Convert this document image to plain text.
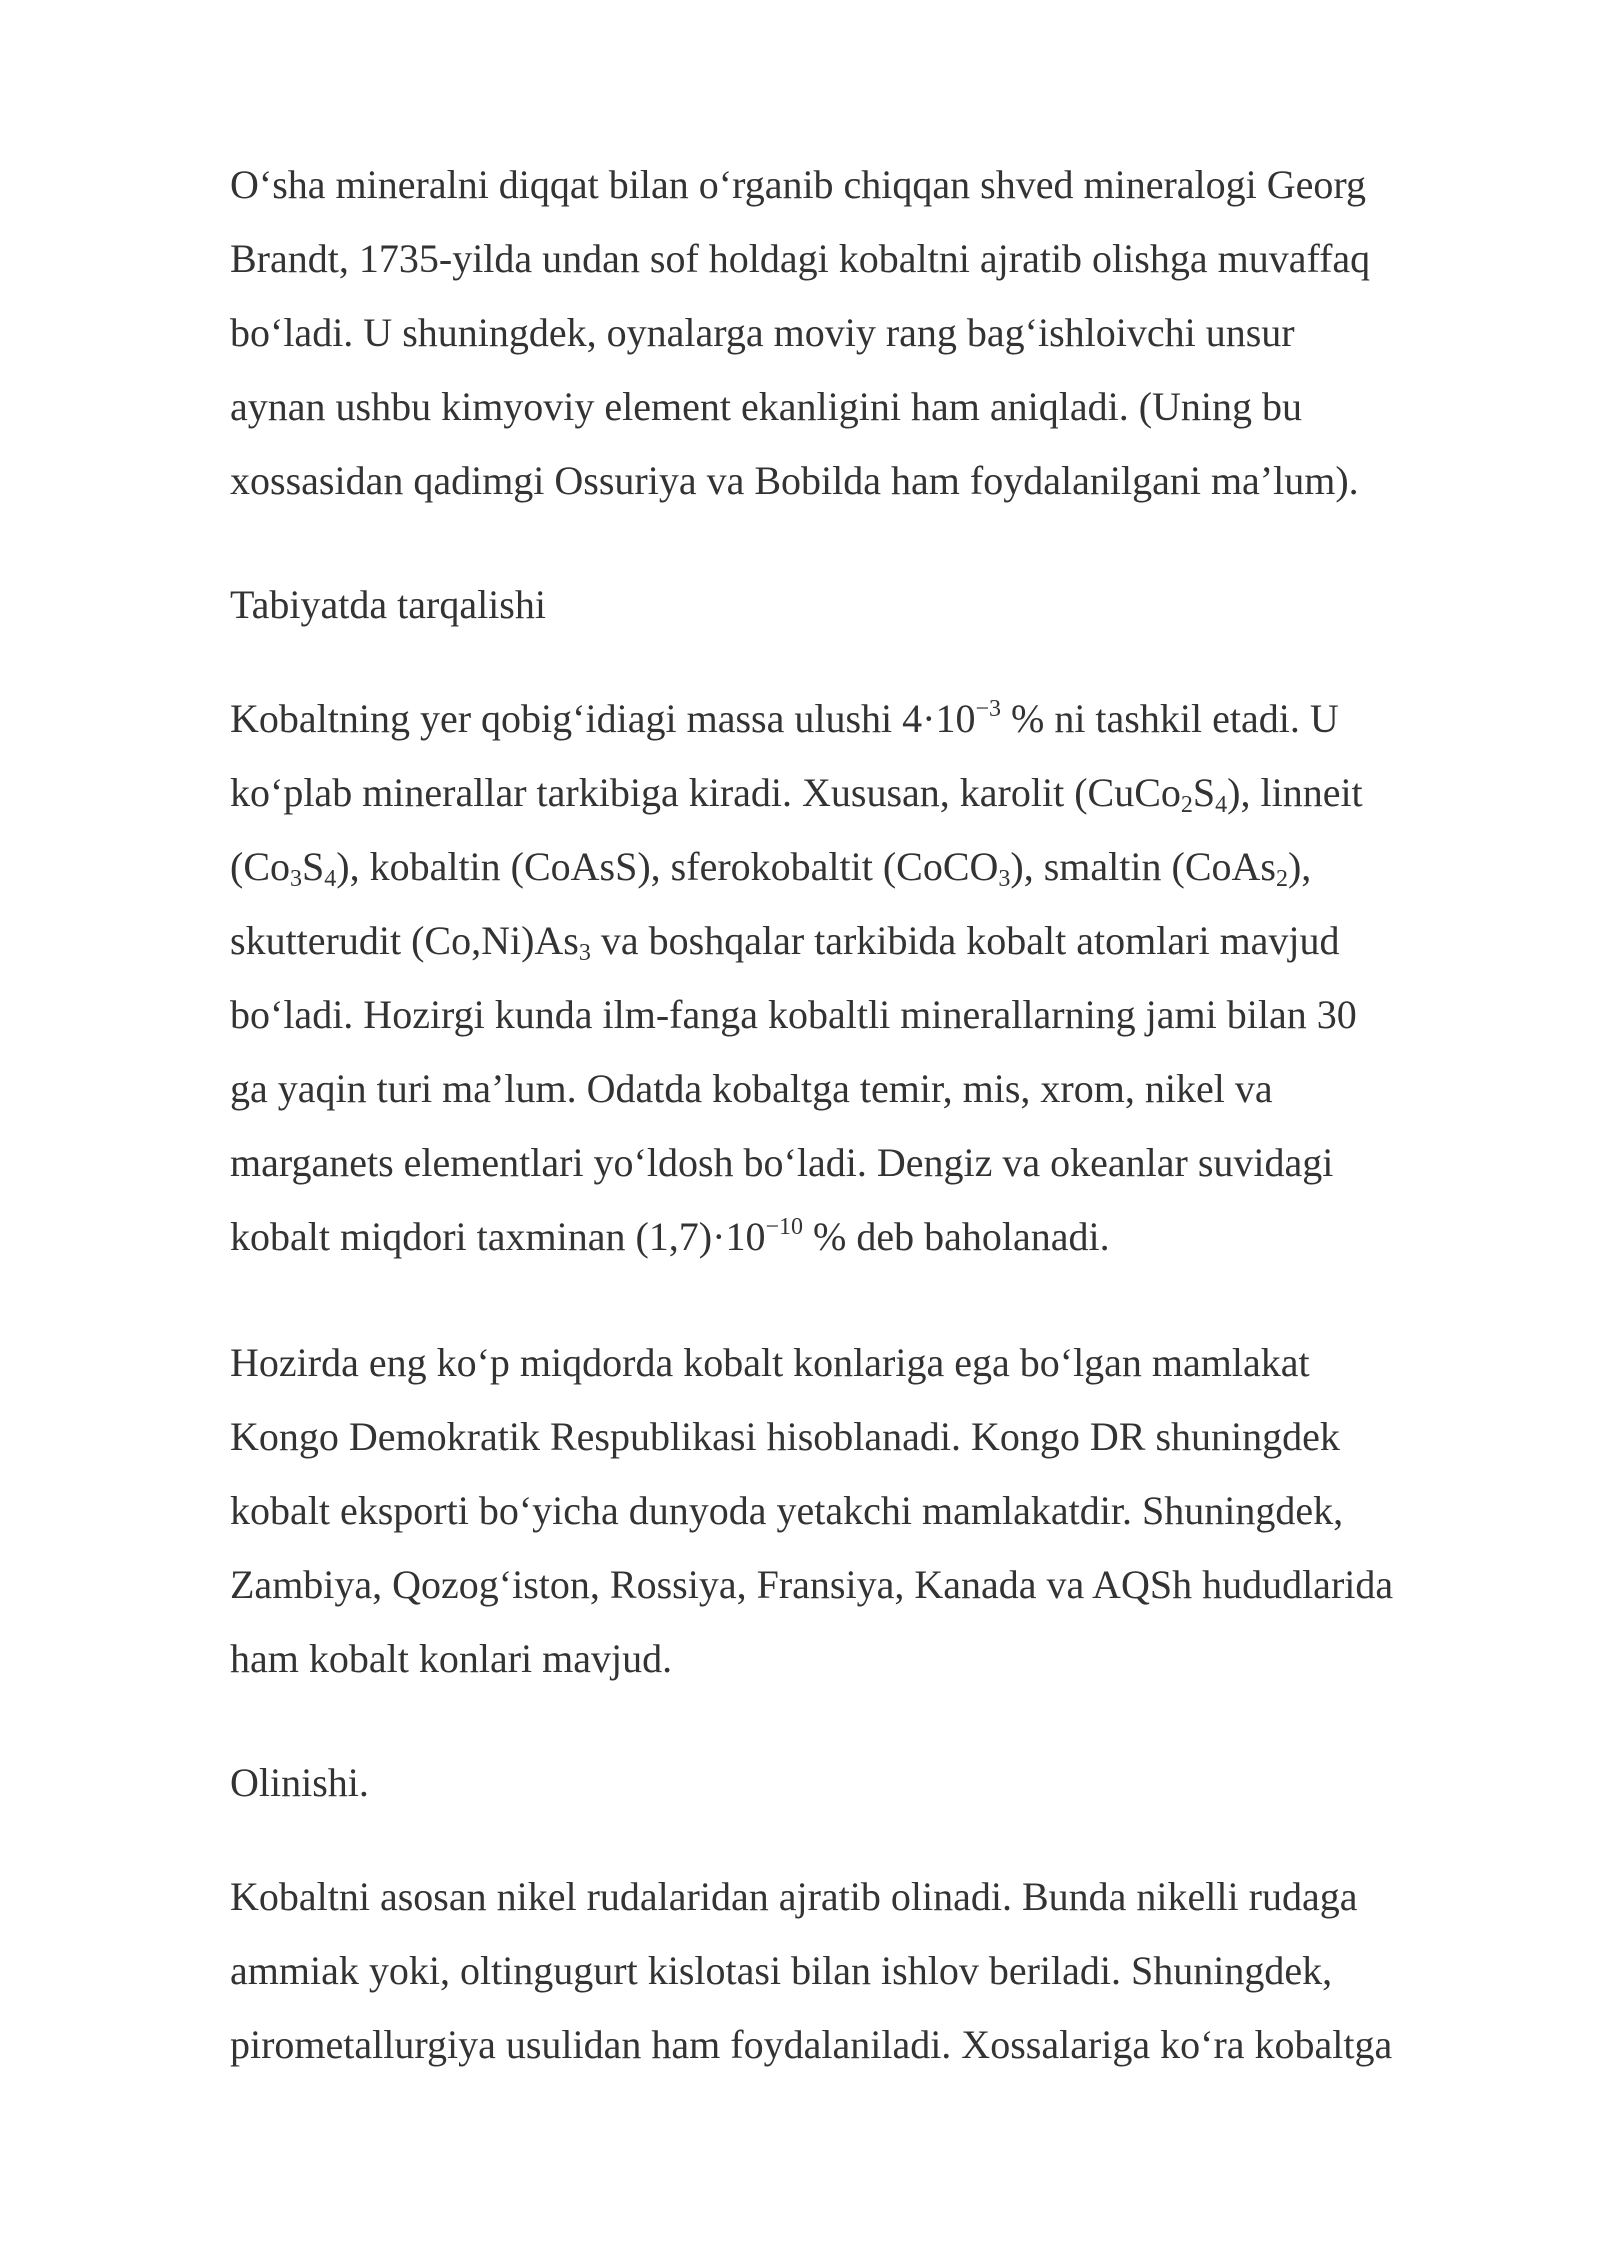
O‘sha mineralni diqqat bilan o‘rganib chiqqan shved mineralogi Georg
Brandt, 1735-yilda undan sof holdagi kobaltni ajratib olishga muvaffaq
bo‘ladi. U shuningdek, oynalarga moviy rang bag‘ishloivchi unsur
aynan ushbu kimyoviy element ekanligini ham aniqladi. (Uning bu
xossasidan qadimgi Ossuriya va Bobilda ham foydalanilgani ma’lum).

Tabiyatda tarqalishi

Kobaltning yer qobig‘idiagi massa ulushi $4\cdot 10^{-3}$ % ni tashkil etadi. U
ko‘plab minerallar tarkibiga kiradi. Xususan, karolit $(CuCo_2S_4)$, linneit
$(Co_3S_4)$, kobaltin (CoAsS), sferokobaltit (CoCO$_3$), smaltin (CoAs$_2$),
skutterudit $(Co,Ni)As_3$ va boshqalar tarkibida kobalt atomlari mavjud
bo‘ladi. Hozirgi kunda ilm-fanga kobaltli minerallarning jami bilan 30
ga yaqin turi ma’lum. Odatda kobaltga temir, mis, xrom, nikel va
marganets elementlari yo‘ldosh bo‘ladi. Dengiz va okeanlar suvidagi
kobalt miqdori taxminan $(1,7)\cdot 10^{-10}$ % deb baholanadi.

Hozirda eng ko‘p miqdorda kobalt konlariga ega bo‘lgan mamlakat
Kongo Demokratik Respublikasi hisoblanadi. Kongo DR shuningdek
kobalt eksporti bo‘yicha dunyoda yetakchi mamlakatdir. Shuningdek,
Zambiya, Qozog‘iston, Rossiya, Fransiya, Kanada va AQSh hududlarida
ham kobalt konlari mavjud.

Olinishi.

Kobaltni asosan nikel rudalaridan ajratib olinadi. Bunda nikelli rudaga
ammiak yoki, oltingugurt kislotasi bilan ishlov beriladi. Shuningdek,
pirometallurgiya usulidan ham foydalaniladi. Xossalariga ko‘ra kobaltga
